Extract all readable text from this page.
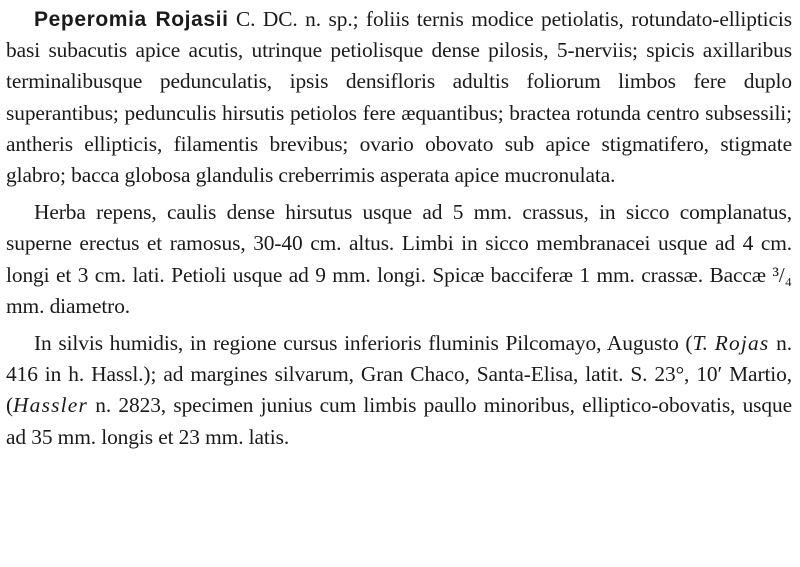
Peperomia Rojasii C. DC. n. sp.; foliis ternis modice petiolatis, rotundato-ellipticis basi subacutis apice acutis, utrinque petiolisque dense pilosis, 5-nerviis; spicis axillaribus terminalibusque pedunculatis, ipsis densifloris adultis foliorum limbos fere duplo superantibus; pedunculis hirsutis petiolos fere æquantibus; bractea rotunda centro subsessili; antheris ellipticis, filamentis brevibus; ovario obovato sub apice stigmatifero, stigmate glabro; bacca globosa glandulis creberrimis asperata apice mucronulata.

Herba repens, caulis dense hirsutus usque ad 5 mm. crassus, in sicco complanatus, superne erectus et ramosus, 30-40 cm. altus. Limbi in sicco membranacei usque ad 4 cm. longi et 3 cm. lati. Petioli usque ad 9 mm. longi. Spicæ bacciferæ 1 mm. crassæ. Baccæ ³/₄ mm. diametro.

In silvis humidis, in regione cursus inferioris fluminis Pilcomayo, Augusto (T. Rojas n. 416 in h. Hassl.); ad margines silvarum, Gran Chaco, Santa-Elisa, latit. S. 23°, 10′ Martio, (Hassler n. 2823, specimen junius cum limbis paullo minoribus, elliptico-obovatis, usque ad 35 mm. longis et 23 mm. latis.
